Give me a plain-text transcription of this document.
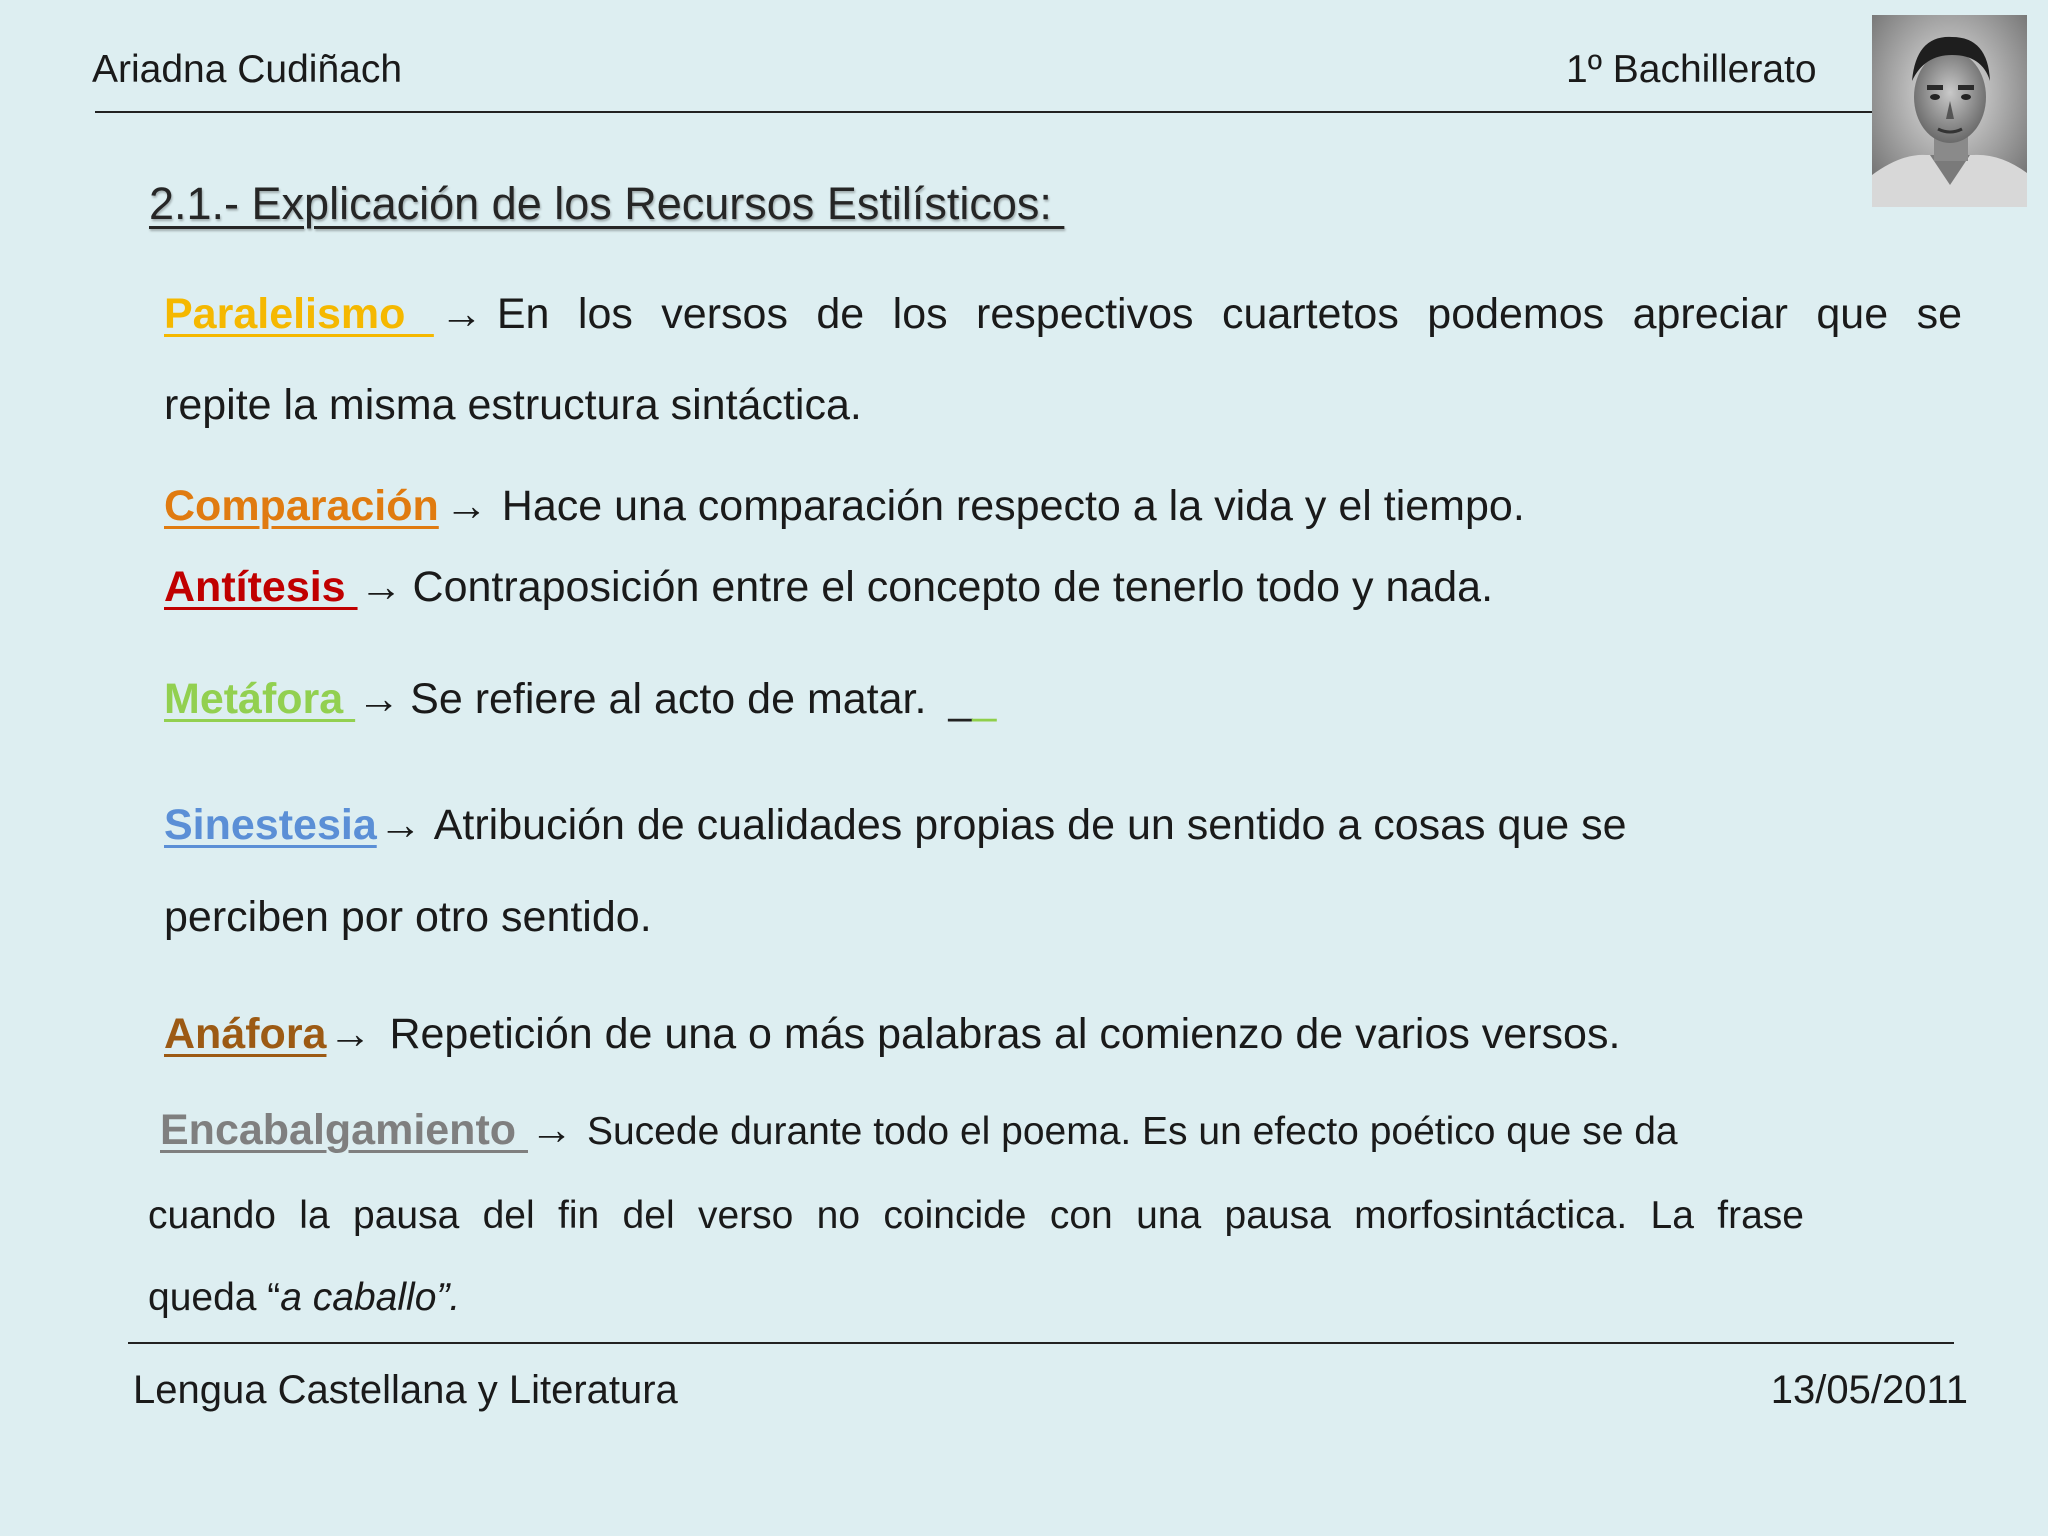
Ariadna Cudiñach	1º Bachillerato
2.1.- Explicación de los Recursos Estilísticos:
Paralelismo → En los versos de los respectivos cuartetos podemos apreciar que se
repite la misma estructura sintáctica.
Comparación → Hace una comparación respecto a la vida y el tiempo.
Antítesis → Contraposición entre el concepto de tenerlo todo y nada.
Metáfora → Se refiere al acto de matar. __
Sinestesia→ Atribución de cualidades propias de un sentido a cosas que se
perciben por otro sentido.
Anáfora→ Repetición de una o más palabras al comienzo de varios versos.
Encabalgamiento → Sucede durante todo el poema. Es un efecto poético que se da
cuando la pausa del fin del verso no coincide con una pausa morfosintáctica. La frase
queda “a caballo”.
Lengua Castellana y Literatura	13/05/2011
